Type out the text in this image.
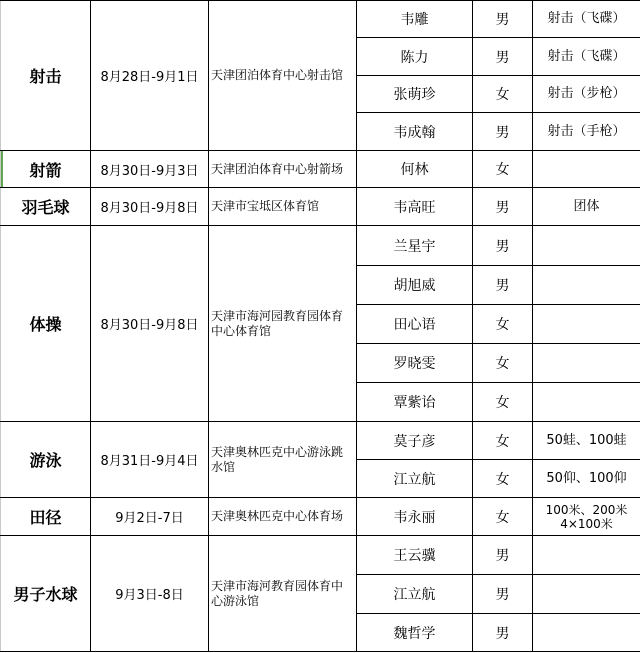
射击	8月28日-9月1日	天津团泊体育中心射击馆	韦雕	男	射击（飞碟）
			陈力	男	射击（飞碟）
			张萌珍	女	射击（步枪）
			韦成翰	男	射击（手枪）
射箭	8月30日-9月3日	天津团泊体育中心射箭场	何林	女	
羽毛球	8月30日-9月8日	天津市宝坻区体育馆	韦高旺	男	团体
体操	8月30日-9月8日	天津市海河园教育园体育中心体育馆	兰星宇	男	
			胡旭威	男	
			田心语	女	
			罗晓雯	女	
			覃紫诒	女	
游泳	8月31日-9月4日	天津奥林匹克中心游泳跳水馆	莫子彦	女	50蛙、100蛙
			江立航	女	50仰、100仰
田径	9月2日-7日	天津奥林匹克中心体育场	韦永丽	女	100米、200米4×100米
男子水球	9月3日-8日	天津市海河教育园体育中心游泳馆	王云骥	男	
			江立航	男	
			魏哲学	男	
